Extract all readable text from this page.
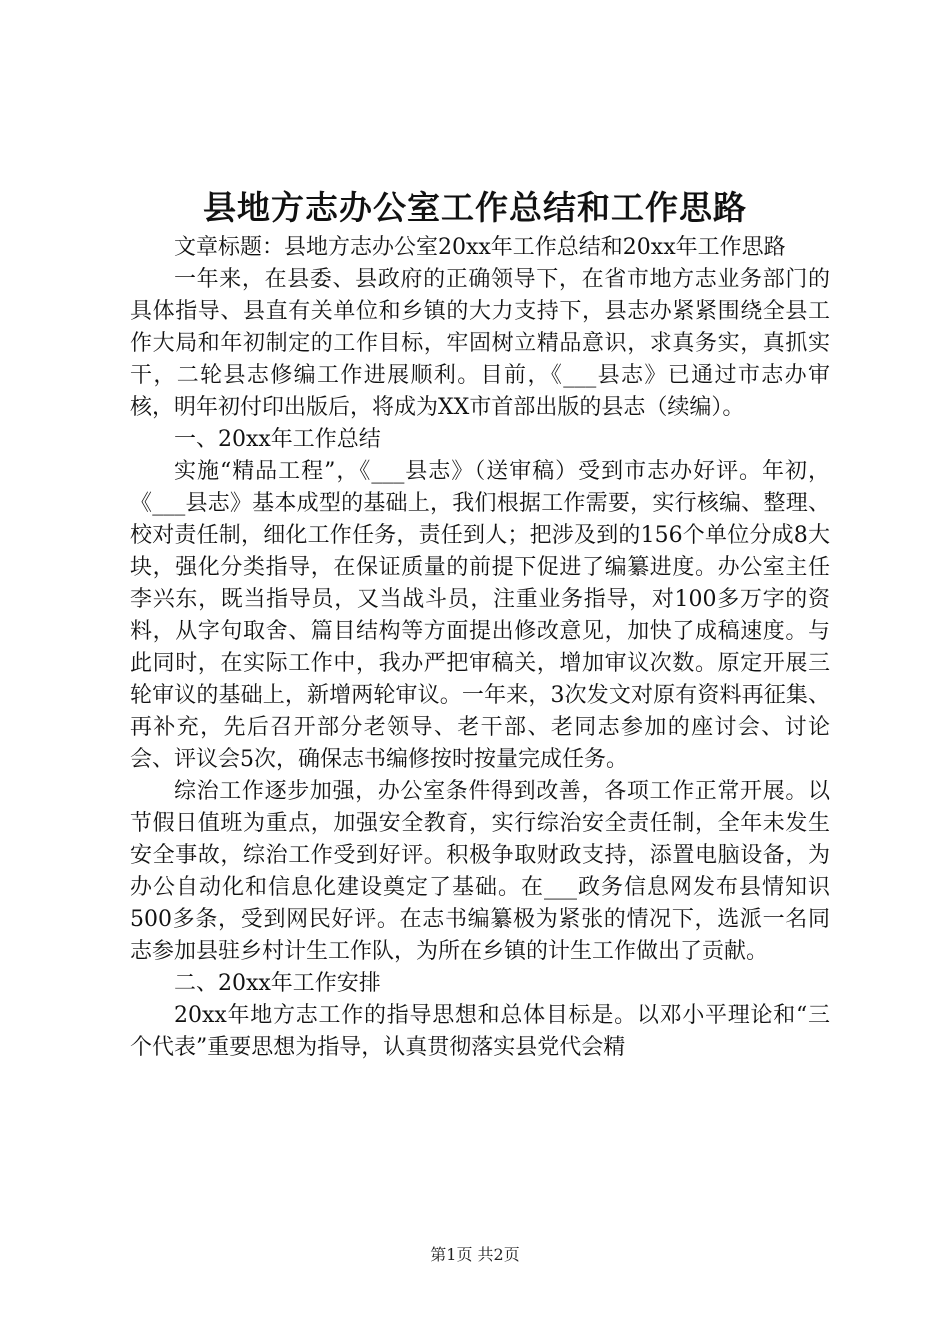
县地方志办公室工作总结和工作思路

文章标题：县地方志办公室20xx年工作总结和20xx年工作思路

一年来，在县委、县政府的正确领导下，在省市地方志业务部门的具体指导、县直有关单位和乡镇的大力支持下，县志办紧紧围绕全县工作大局和年初制定的工作目标，牢固树立精品意识，求真务实，真抓实干，二轮县志修编工作进展顺利。目前，《___县志》已通过市志办审核，明年初付印出版后，将成为XX市首部出版的县志（续编）。

一、20xx年工作总结

实施“精品工程”，《___县志》（送审稿）受到市志办好评。年初，《___县志》基本成型的基础上，我们根据工作需要，实行核编、整理、校对责任制，细化工作任务，责任到人；把涉及到的156个单位分成8大块，强化分类指导，在保证质量的前提下促进了编纂进度。办公室主任李兴东，既当指导员，又当战斗员，注重业务指导，对100多万字的资料，从字句取舍、篇目结构等方面提出修改意见，加快了成稿速度。与此同时，在实际工作中，我办严把审稿关，增加审议次数。原定开展三轮审议的基础上，新增两轮审议。一年来，3次发文对原有资料再征集、再补充，先后召开部分老领导、老干部、老同志参加的座讨会、讨论会、评议会5次，确保志书编修按时按量完成任务。

综治工作逐步加强，办公室条件得到改善，各项工作正常开展。以节假日值班为重点，加强安全教育，实行综治安全责任制，全年未发生安全事故，综治工作受到好评。积极争取财政支持，添置电脑设备，为办公自动化和信息化建设奠定了基础。在___政务信息网发布县情知识500多条，受到网民好评。在志书编纂极为紧张的情况下，选派一名同志参加县驻乡村计生工作队，为所在乡镇的计生工作做出了贡献。

二、20xx年工作安排

20xx年地方志工作的指导思想和总体目标是。以邓小平理论和“三个代表”重要思想为指导，认真贯彻落实县党代会精

第1页 共2页
